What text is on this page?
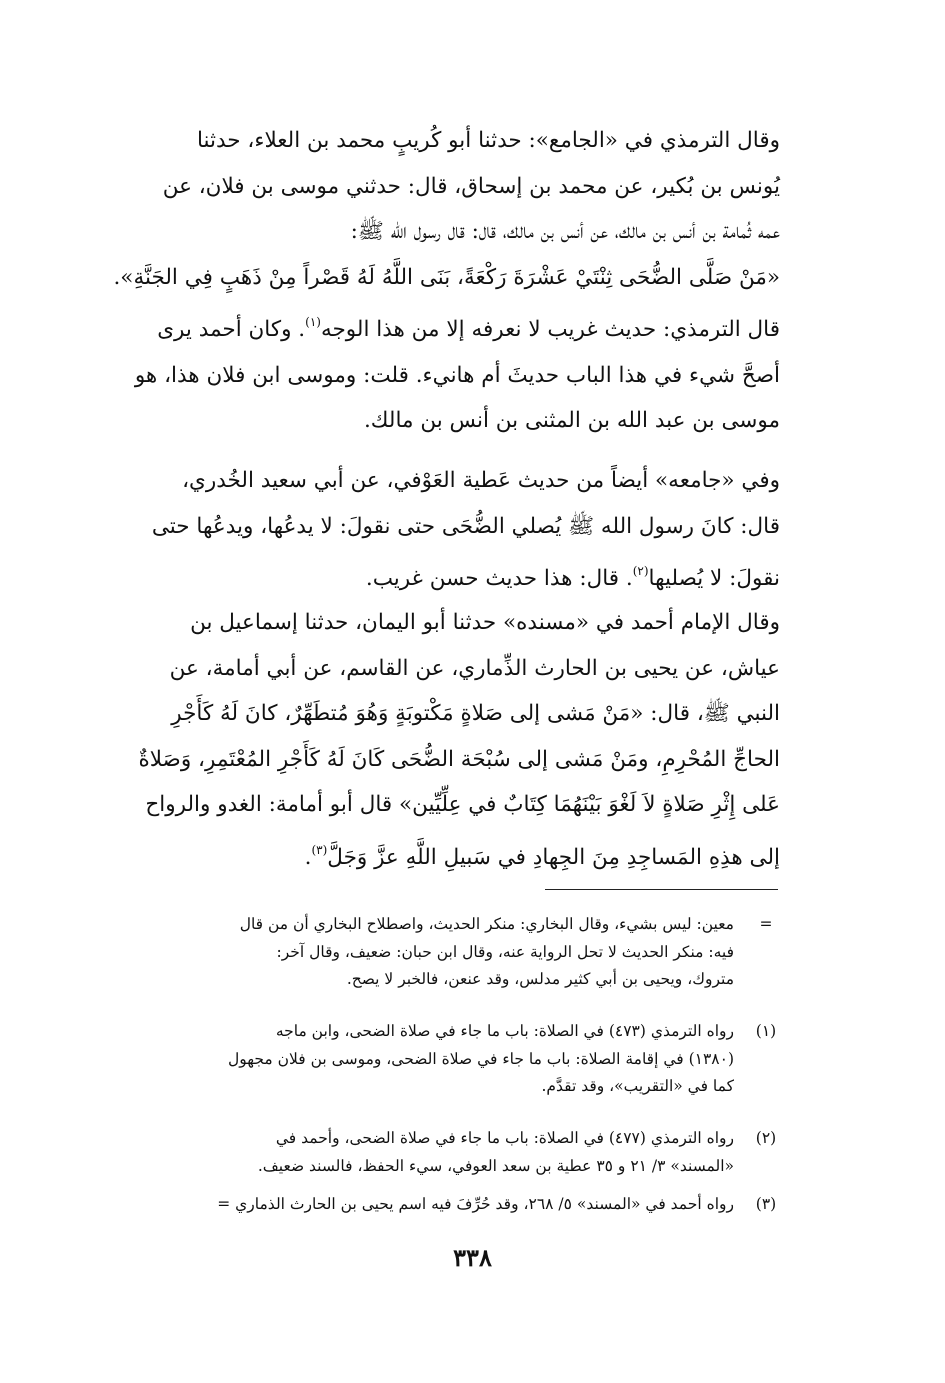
وقال الترمذي في «الجامع»: حدثنا أبو كُريبٍ محمد بن العلاء، حدثنا
يُونس بن بُكير، عن محمد بن إسحاق، قال: حدثني موسى بن فلان، عن
عمه ثُمامة بن أنس بن مالك، عن أنس بن مالك، قال: قال رسول الله ﷺ:
«مَنْ صَلَّى الضُّحَى ثِنْتَيْ عَشْرَةَ رَكْعَةً، بَنَى اللَّهُ لَهُ قَصْراً مِنْ ذَهَبٍ فِي الجَنَّةِ».
قال الترمذي: حديث غريب لا نعرفه إلا من هذا الوجه$^{(١)}$. وكان أحمد يرى
أصحَّ شيء في هذا الباب حديثَ أم هانيء. قلت: وموسى ابن فلان هذا، هو
موسى بن عبد الله بن المثنى بن أنس بن مالك.
وفي «جامعه» أيضاً من حديث عَطية العَوْفي، عن أبي سعيد الخُدري،
قال: كانَ رسول الله ﷺ يُصلي الضُّحَى حتى نقولَ: لا يدعُها، ويدعُها حتى
نقولَ: لا يُصليها$^{(٢)}$. قال: هذا حديث حسن غريب.
وقال الإمام أحمد في «مسنده» حدثنا أبو اليمان، حدثنا إسماعيل بن
عياش، عن يحيى بن الحارث الذِّماري، عن القاسم، عن أبي أمامة، عن
النبي ﷺ، قال: «مَنْ مَشى إلى صَلاةٍ مَكْتوبَةٍ وَهُوَ مُتطَهِّرٌ، كانَ لَهُ كَأَجْرِ
الحاجِّ المُحْرِمِ، ومَنْ مَشى إلى سُبْحَة الضُّحَى كَانَ لَهُ كَأَجْرِ المُعْتَمِرِ، وَصَلاةٌ
عَلى إِثْرِ صَلاةٍ لاَ لَغْوَ بَيْنَهُمَا كِتَابٌ في عِلِّيِّين» قال أبو أمامة: الغدو والرواح
إلى هذِهِ المَساجِدِ مِنَ الجِهادِ في سَبيلِ اللَّهِ عزَّ وَجَلَّ$^{(٣)}$.
=
معين: ليس بشيء، وقال البخاري: منكر الحديث، واصطلاح البخاري أن من قال
فيه: منكر الحديث لا تحل الرواية عنه، وقال ابن حبان: ضعيف، وقال آخر:
متروك، ويحيى بن أبي كثير مدلس، وقد عنعن، فالخبر لا يصح.
(١)
رواه الترمذي (٤٧٣) في الصلاة: باب ما جاء في صلاة الضحى، وابن ماجه
(١٣٨٠) في إقامة الصلاة: باب ما جاء في صلاة الضحى، وموسى بن فلان مجهول
كما في «التقريب»، وقد تقدَّم.
(٢)
رواه الترمذي (٤٧٧) في الصلاة: باب ما جاء في صلاة الضحى، وأحمد في
«المسند» ٣/ ٢١ و ٣٥ عطية بن سعد العوفي، سيء الحفظ، فالسند ضعيف.
(٣)
رواه أحمد في «المسند» ٥/ ٢٦٨، وقد حُرِّفَ فيه اسم يحيى بن الحارث الذماري =
٣٣٨
